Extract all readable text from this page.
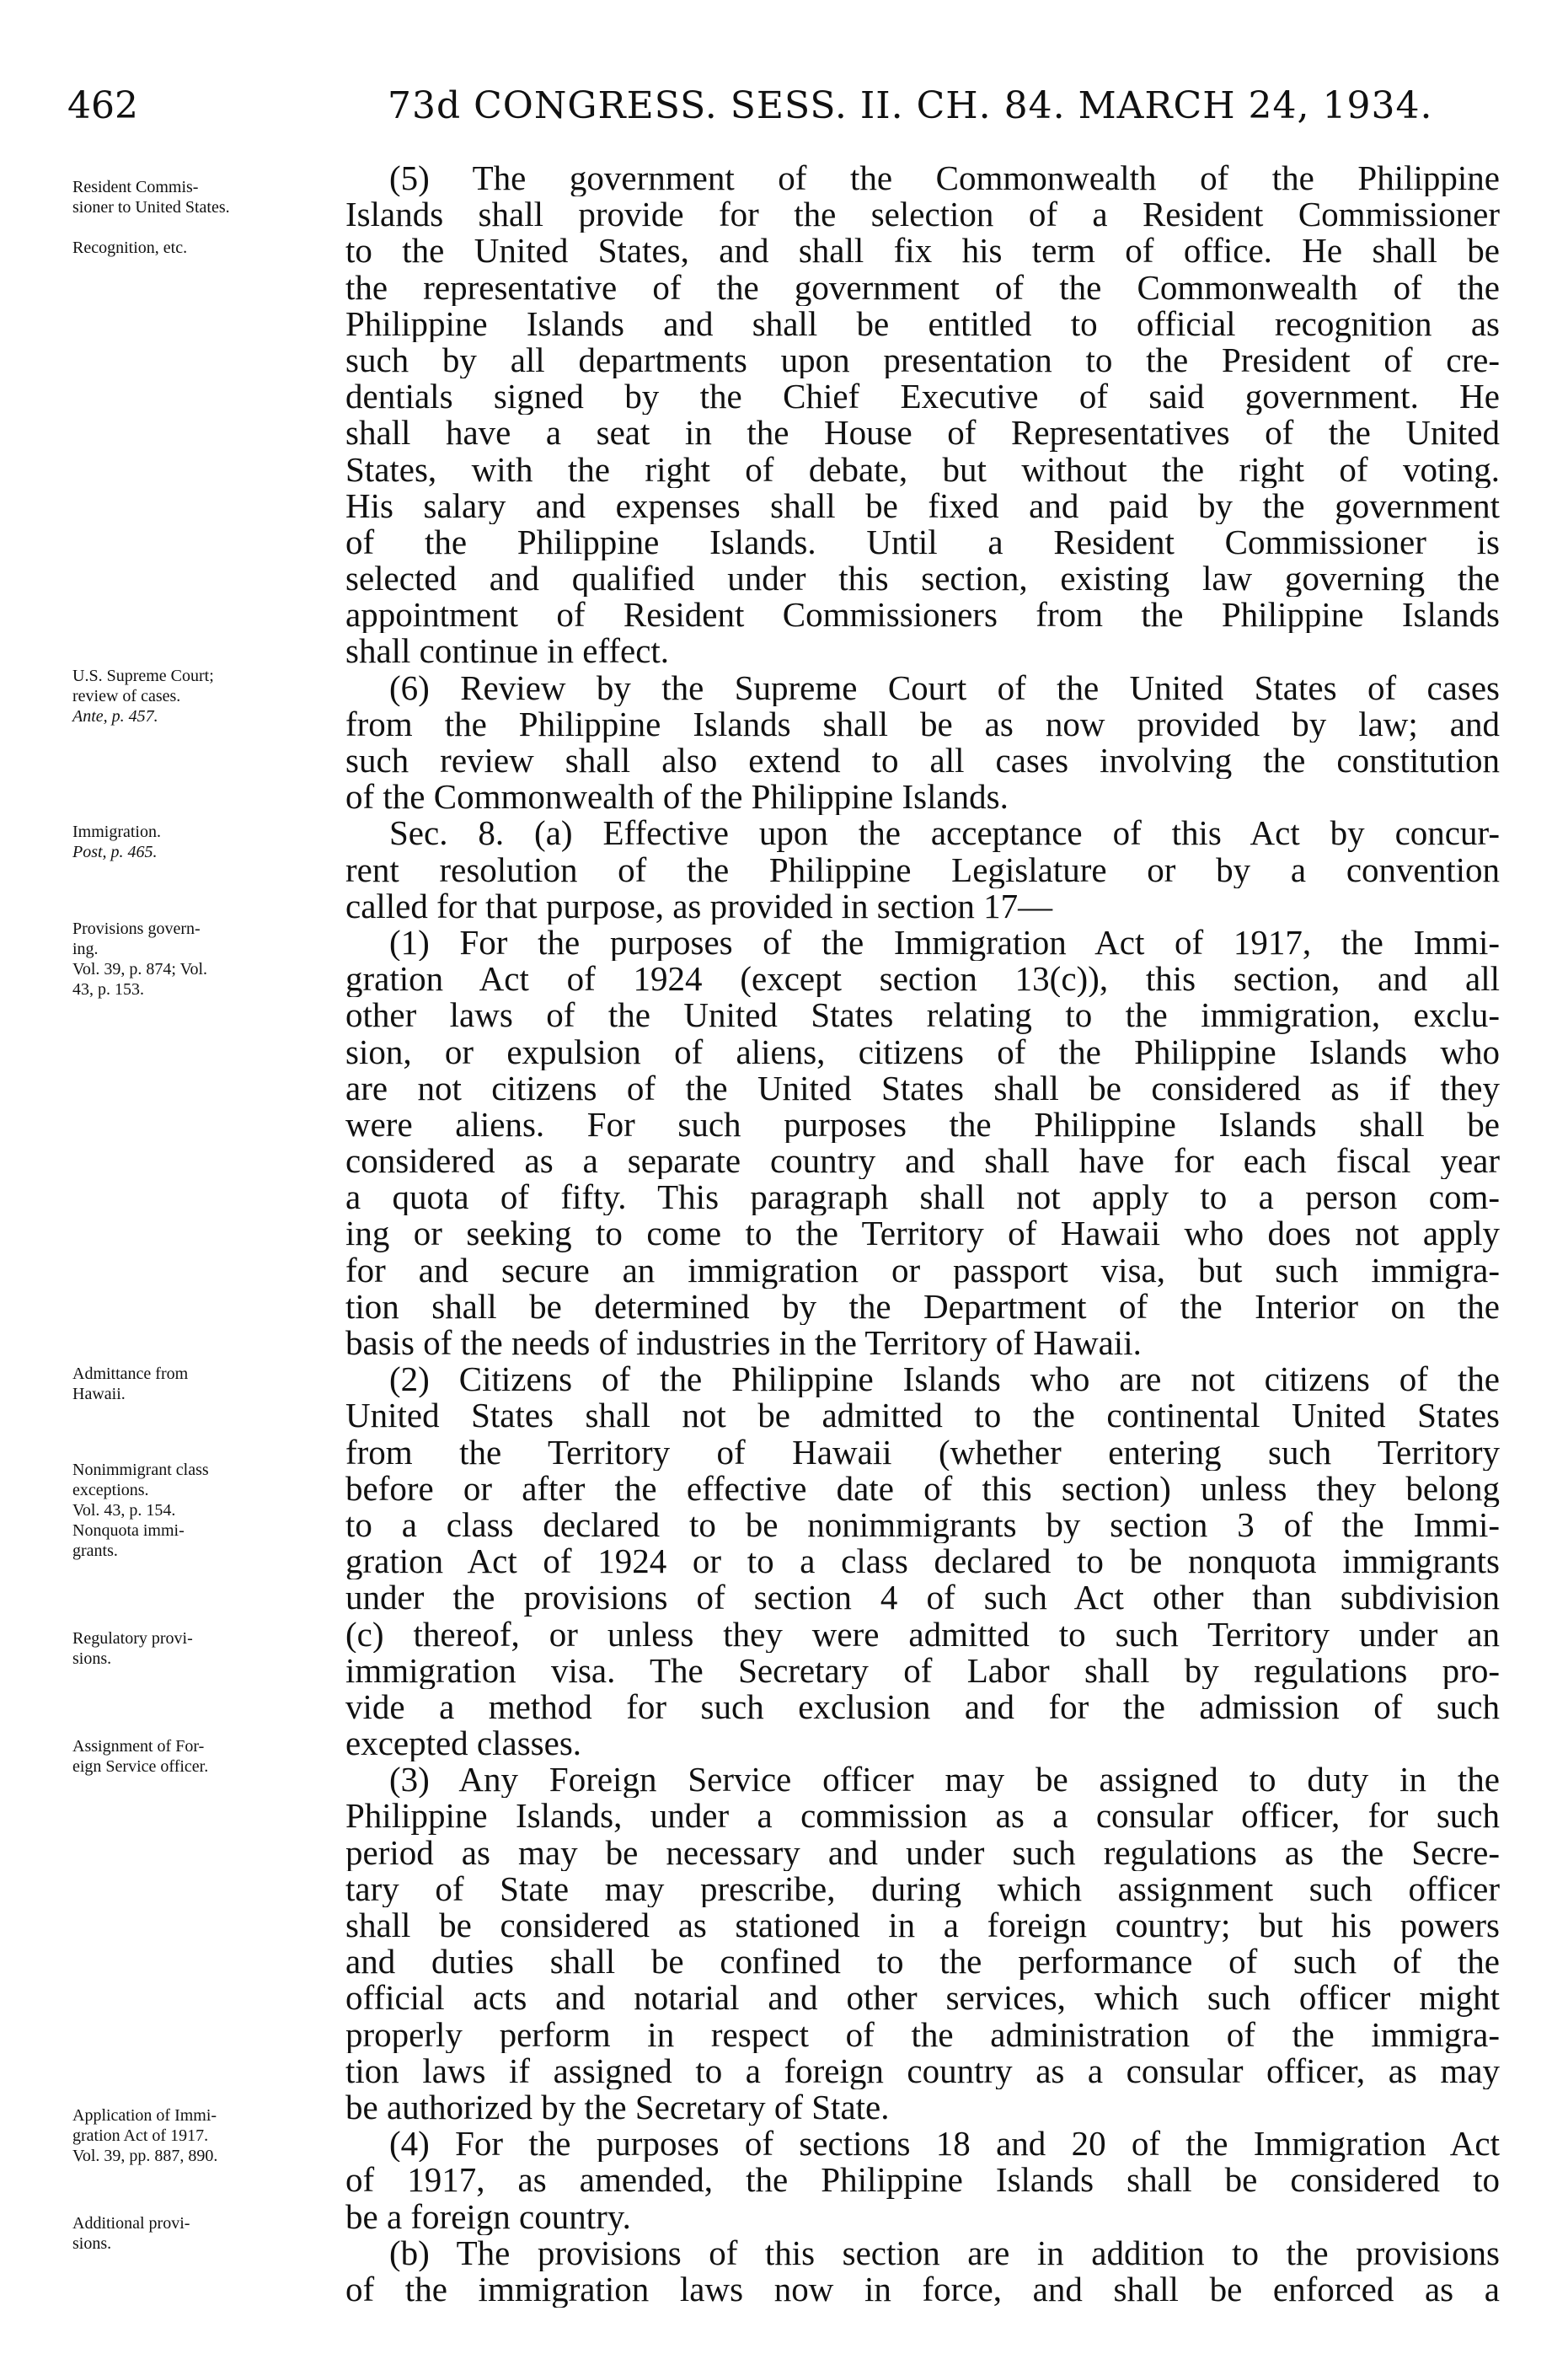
462	73d CONGRESS. SESS. II. CH. 84. MARCH 24, 1934.
Resident Commis-
sioner to United States.
Recognition, etc.
U.S. Supreme Court;
review of cases.
Ante, p. 457.
Immigration.
Post, p. 465.
Provisions govern-
ing.
Vol. 39, p. 874; Vol.
43, p. 153.
Admittance from
Hawaii.
Nonimmigrant class
exceptions.
Vol. 43, p. 154.
Nonquota immi-
grants.
Regulatory provi-
sions.
Assignment of For-
eign Service officer.
Application of Immi-
gration Act of 1917.
Vol. 39, pp. 887, 890.
Additional provi-
sions.
(5) The government of the Commonwealth of the Philippine
Islands shall provide for the selection of a Resident Commissioner
to the United States, and shall fix his term of office. He shall be
the representative of the government of the Commonwealth of the
Philippine Islands and shall be entitled to official recognition as
such by all departments upon presentation to the President of cre-
dentials signed by the Chief Executive of said government. He
shall have a seat in the House of Representatives of the United
States, with the right of debate, but without the right of voting.
His salary and expenses shall be fixed and paid by the government
of the Philippine Islands. Until a Resident Commissioner is
selected and qualified under this section, existing law governing the
appointment of Resident Commissioners from the Philippine Islands
shall continue in effect.
(6) Review by the Supreme Court of the United States of cases
from the Philippine Islands shall be as now provided by law; and
such review shall also extend to all cases involving the constitution
of the Commonwealth of the Philippine Islands.
Sec. 8. (a) Effective upon the acceptance of this Act by concur-
rent resolution of the Philippine Legislature or by a convention
called for that purpose, as provided in section 17—
(1) For the purposes of the Immigration Act of 1917, the Immi-
gration Act of 1924 (except section 13(c)), this section, and all
other laws of the United States relating to the immigration, exclu-
sion, or expulsion of aliens, citizens of the Philippine Islands who
are not citizens of the United States shall be considered as if they
were aliens. For such purposes the Philippine Islands shall be
considered as a separate country and shall have for each fiscal year
a quota of fifty. This paragraph shall not apply to a person com-
ing or seeking to come to the Territory of Hawaii who does not apply
for and secure an immigration or passport visa, but such immigra-
tion shall be determined by the Department of the Interior on the
basis of the needs of industries in the Territory of Hawaii.
(2) Citizens of the Philippine Islands who are not citizens of the
United States shall not be admitted to the continental United States
from the Territory of Hawaii (whether entering such Territory
before or after the effective date of this section) unless they belong
to a class declared to be nonimmigrants by section 3 of the Immi-
gration Act of 1924 or to a class declared to be nonquota immigrants
under the provisions of section 4 of such Act other than subdivision
(c) thereof, or unless they were admitted to such Territory under an
immigration visa. The Secretary of Labor shall by regulations pro-
vide a method for such exclusion and for the admission of such
excepted classes.
(3) Any Foreign Service officer may be assigned to duty in the
Philippine Islands, under a commission as a consular officer, for such
period as may be necessary and under such regulations as the Secre-
tary of State may prescribe, during which assignment such officer
shall be considered as stationed in a foreign country; but his powers
and duties shall be confined to the performance of such of the
official acts and notarial and other services, which such officer might
properly perform in respect of the administration of the immigra-
tion laws if assigned to a foreign country as a consular officer, as may
be authorized by the Secretary of State.
(4) For the purposes of sections 18 and 20 of the Immigration Act
of 1917, as amended, the Philippine Islands shall be considered to
be a foreign country.
(b) The provisions of this section are in addition to the provisions
of the immigration laws now in force, and shall be enforced as a
